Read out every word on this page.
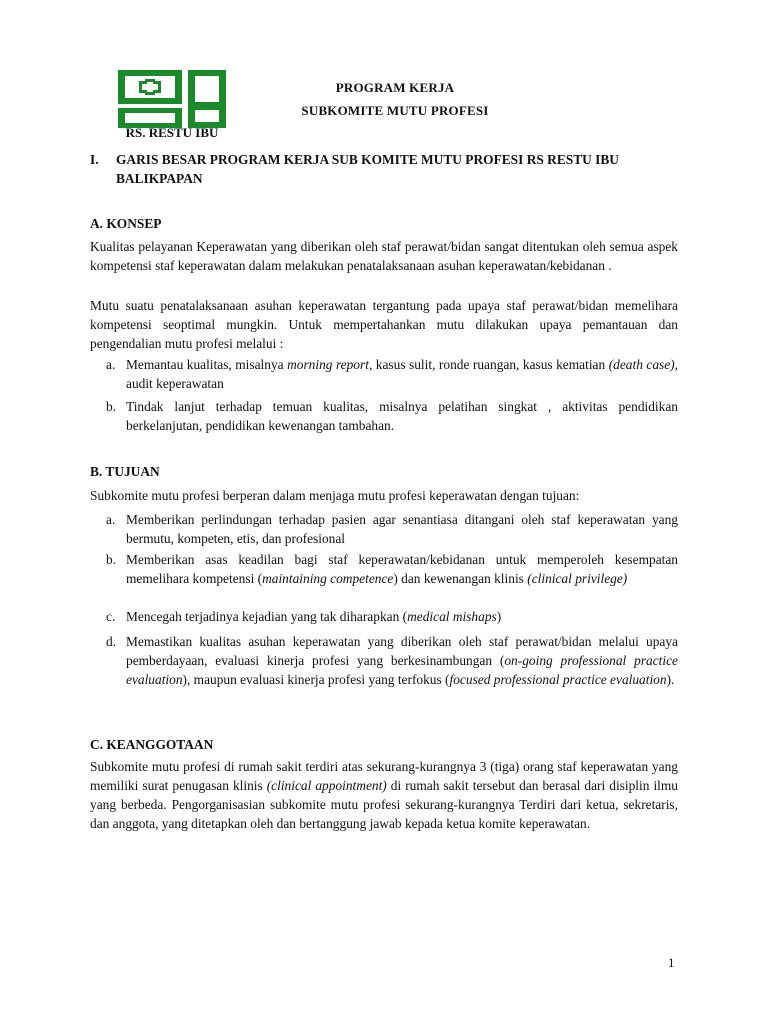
RS. RESTU IBU
PROGRAM KERJA
SUBKOMITE MUTU PROFESI
I. GARIS BESAR PROGRAM KERJA SUB KOMITE MUTU PROFESI RS RESTU IBU BALIKPAPAN
A. KONSEP
Kualitas pelayanan Keperawatan yang diberikan oleh staf perawat/bidan sangat ditentukan oleh semua aspek kompetensi staf keperawatan dalam melakukan penatalaksanaan asuhan keperawatan/kebidanan .
Mutu suatu penatalaksanaan asuhan keperawatan tergantung pada upaya staf perawat/bidan memelihara kompetensi seoptimal mungkin. Untuk mempertahankan mutu dilakukan upaya pemantauan dan pengendalian mutu profesi melalui :
a. Memantau kualitas, misalnya morning report, kasus sulit, ronde ruangan, kasus kematian (death case), audit keperawatan
b. Tindak lanjut terhadap temuan kualitas, misalnya pelatihan singkat , aktivitas pendidikan berkelanjutan, pendidikan kewenangan tambahan.
B. TUJUAN
Subkomite mutu profesi berperan dalam menjaga mutu profesi keperawatan dengan tujuan:
a. Memberikan perlindungan terhadap pasien agar senantiasa ditangani oleh staf keperawatan yang bermutu, kompeten, etis, dan profesional
b. Memberikan asas keadilan bagi staf keperawatan/kebidanan untuk memperoleh kesempatan memelihara kompetensi (maintaining competence) dan kewenangan klinis (clinical privilege)
c. Mencegah terjadinya kejadian yang tak diharapkan (medical mishaps)
d. Memastikan kualitas asuhan keperawatan yang diberikan oleh staf perawat/bidan melalui upaya pemberdayaan, evaluasi kinerja profesi yang berkesinambungan (on-going professional practice evaluation), maupun evaluasi kinerja profesi yang terfokus (focused professional practice evaluation).
C. KEANGGOTAAN
Subkomite mutu profesi di rumah sakit terdiri atas sekurang-kurangnya 3 (tiga) orang staf keperawatan yang memiliki surat penugasan klinis (clinical appointment) di rumah sakit tersebut dan berasal dari disiplin ilmu yang berbeda. Pengorganisasian subkomite mutu profesi sekurang-kurangnya Terdiri dari ketua, sekretaris, dan anggota, yang ditetapkan oleh dan bertanggung jawab kepada ketua komite keperawatan.
1
